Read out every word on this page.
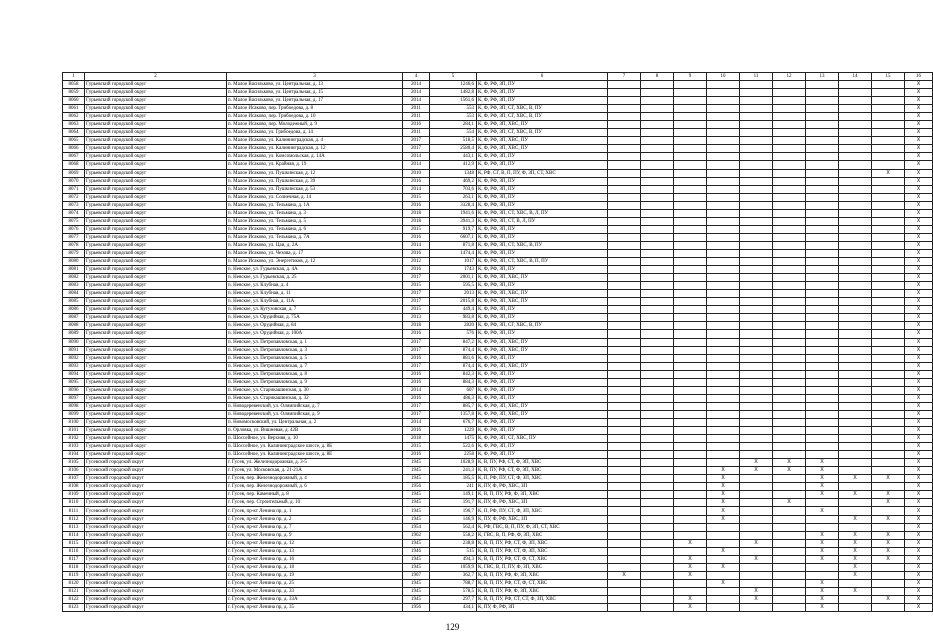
1	2	3	4	5	6	7	8	9	10	11	12	13	14	15	16
8058	Гурьевский городской округ	п. Малое Васильково, ул. Центральная, д. 13	2014	1246,6	К, Ф, РФ, ЗП, ПУ										X
8059	Гурьевский городской округ	п. Малое Васильково, ул. Центральная, д. 15	2014	1482,8	К, Ф, РФ, ЗП, ПУ										X
8060	Гурьевский городской округ	п. Малое Васильково, ул. Центральная, д. 17	2014	1561,6	К, Ф, РФ, ЗП, ПУ										X
8061	Гурьевский городской округ	п. Малое Исаково, пер. Грибоедова, д. 8	2011	553	К, Ф, РФ, ЗП, СГ, ХВС, В, ПУ										X
8062	Гурьевский городской округ	п. Малое Исаково, пер. Грибоедова, д. 10	2011	553	К, Ф, РФ, ЗП, СГ, ХВС, В, ПУ										X
8063	Гурьевский городской округ	п. Малое Исаково, пер. Молодежный, д. 9	2016	284,1	К, Ф, РФ, ЗП, ХВС, ПУ										X
8064	Гурьевский городской округ	п. Малое Исаково, ул. Грибоедова, д. 14	2011	554	К, Ф, РФ, ЗП, СГ, ХВС, В, ПУ										X
8065	Гурьевский городской округ	п. Малое Исаково, ул. Калининградская, д. 4	2017	518,5	К, Ф, РФ, ЗП, ХВС, ПУ										X
8066	Гурьевский городской округ	п. Малое Исаково, ул. Калининградская, д. 12	2017	2580,4	К, Ф, РФ, ЗП, ХВС, ПУ										X
8067	Гурьевский городской округ	п. Малое Исаково, ул. Комсомольская, д. 14А	2014	443,1	К, Ф, РФ, ЗП, ПУ										X
8068	Гурьевский городской округ	п. Малое Исаково, ул. Крайняя, д. 19	2014	412,9	К, Ф, РФ, ЗП, ПУ										X
8069	Гурьевский городской округ	п. Малое Исаково, ул. Пушкинская, д. 12	2010	1348	К, РФ, СГ, В, П, ПУ, Ф, ЗП, СТ, ХВС									X	X
8070	Гурьевский городской округ	п. Малое Исаково, ул. Пушкинская, д. 39	2016	469,2	К, Ф, РФ, ЗП, ПУ										X
8071	Гурьевский городской округ	п. Малое Исаково, ул. Пушкинская, д. 53	2014	703,6	К, Ф, РФ, ЗП, ПУ										X
8072	Гурьевский городской округ	п. Малое Исаково, ул. Солнечная, д. 14	2015	263,1	К, Ф, РФ, ЗП, ПУ										X
8073	Гурьевский городской округ	п. Малое Исаково, ул. Тельмана, д. 1А	2016	3328,4	К, Ф, РФ, ЗП, ПУ										X
8074	Гурьевский городской округ	п. Малое Исаково, ул. Тельмана, д. 3	2018	1941,6	К, Ф, РФ, ЗП, СТ, ХВС, В, Л, ПУ										X
8075	Гурьевский городской округ	п. Малое Исаково, ул. Тельмана, д. 5	2018	3941,3	К, Ф, РФ, ЗП, СТ, В, Л, ПУ										X
8076	Гурьевский городской округ	п. Малое Исаково, ул. Тельмана, д. 6	2015	919,7	К, Ф, РФ, ЗП, ПУ										X
8077	Гурьевский городской округ	п. Малое Исаково, ул. Тельмана, д. 7А	2016	6607,1	К, Ф, РФ, ЗП, ПУ										X
8078	Гурьевский городской округ	п. Малое Исаково, ул. Цаи, д. 2А	2014	871,8	К, Ф, РФ, ЗП, СТ, ХВС, В, ПУ										X
8079	Гурьевский городской округ	п. Малое Исаково, ул. Чехова, д. 17	2016	1474,4	К, Ф, РФ, ЗП, ПУ										X
8080	Гурьевский городской округ	п. Малое Исаково, ул. Энергетиков, д. 12	2012	1017	К, Ф, РФ, ЗП, СТ, ХВС, В, П, ПУ										X
8081	Гурьевский городской округ	п. Невское, ул. Гурьевская, д. 4А	2016	1743	К, Ф, РФ, ЗП, ПУ										X
8082	Гурьевский городской округ	п. Невское, ул. Гурьевская, д. 25	2017	2001,1	К, Ф, РФ, ЗП, ХВС, ПУ										X
8083	Гурьевский городской округ	п. Невское, ул. Клубная, д. 4	2015	595,5	К, Ф, РФ, ЗП, ПУ										X
8084	Гурьевский городской округ	п. Невское, ул. Клубная, д. 11	2017	2013	К, Ф, РФ, ЗП, ХВС, ПУ										X
8085	Гурьевский городской округ	п. Невское, ул. Клубная, д. 11А	2017	2015,8	К, Ф, РФ, ЗП, ХВС, ПУ										X
8086	Гурьевский городской округ	п. Невское, ул. Кутузовская, д. 7	2015	449,4	К, Ф, РФ, ЗП, ПУ										X
8087	Гурьевский городской округ	п. Невское, ул. Орудийная, д. 75А	2013	983,8	К, Ф, РФ, ЗП, ПУ										X
8088	Гурьевский городской округ	п. Невское, ул. Орудийная, д. 84	2018	2820	К, Ф, РФ, ЗП, СГ, ХВС, В, ПУ										X
8089	Гурьевский городской округ	п. Невское, ул. Орудийная, д. 100А	2016	576	К, Ф, РФ, ЗП, ПУ										X
8090	Гурьевский городской округ	п. Невское, ул. Петропавловская, д. 1	2017	847,2	К, Ф, РФ, ЗП, ХВС, ПУ										X
8091	Гурьевский городской округ	п. Невское, ул. Петропавловская, д. 3	2017	874,4	К, Ф, РФ, ЗП, ХВС, ПУ										X
8092	Гурьевский городской округ	п. Невское, ул. Петропавловская, д. 5	2016	881,6	К, Ф, РФ, ЗП, ПУ										X
8093	Гурьевский городской округ	п. Невское, ул. Петропавловская, д. 7	2017	874,4	К, Ф, РФ, ЗП, ХВС, ПУ										X
8094	Гурьевский городской округ	п. Невское, ул. Петропавловская, д. 8	2016	842,3	К, Ф, РФ, ЗП, ПУ										X
8095	Гурьевский городской округ	п. Невское, ул. Петропавловская, д. 9	2016	884,3	К, Ф, РФ, ЗП, ПУ										X
8096	Гурьевский городской округ	п. Невское, ул. Старикашинская, д. 30	2014	607	К, Ф, РФ, ЗП, ПУ										X
8097	Гурьевский городской округ	п. Невское, ул. Старикашинская, д. 32	2016	486,3	К, Ф, РФ, ЗП, ПУ										X
8098	Гурьевский городской округ	п. Новодеревенский, ул. Олимпийская, д. 7	2017	885,7	К, Ф, РФ, ЗП, ХВС, ПУ										X
8099	Гурьевский городской округ	п. Новодеревенский, ул. Олимпийская, д. 9	2017	1357,8	К, Ф, РФ, ЗП, ХВС, ПУ										X
8100	Гурьевский городской округ	п. Новомосковский, ул. Центральная, д. 2	2014	676,7	К, Ф, РФ, ЗП, ПУ										X
8101	Гурьевский городской округ	п. Орловка, ул. Вишневая, д. 42В	2016	1229	К, Ф, РФ, ЗП, ПУ										X
8102	Гурьевский городской округ	п. Шоссейное, ул. Верхняя, д. 10	2018	1475	К, Ф, РФ, ЗП, СГ, ХВС, ПУ										X
8103	Гурьевский городской округ	п. Шоссейное, ул. Калининградское шоссе, д. 8Б	2015	522,6	К, Ф, РФ, ЗП, ПУ										X
8104	Гурьевский городской округ	п. Шоссейное, ул. Калининградское шоссе, д. 8Е	2016	2258	К, Ф, РФ, ЗП, ПУ										X
8105	Гусевский городской округ	г. Гусев, ул. Железнодорожная, д. 3-5	1945	1028,9	К, В, ПУ, РФ, СТ, Ф, ЗП, ХВС					X	X	X			X
8106	Гусевский городской округ	г. Гусев, ул. Московская, д. 21-21А	1945	241,3	К, В, ПУ, РФ, СТ, Ф, ЗП, ХВС				X	X	X	X			X
8107	Гусевский городской округ	г. Гусев, пер. Железнодорожный, д. 4	1945	185,5	К, П, РФ, ПУ, СТ, Ф, ЗП, ХВС				X			X	X	X	X
8108	Гусевский городской округ	г. Гусев, пер. Железнодорожный, д. 6	1956	241	К, ПУ, Ф, РФ, ХВС, ЗП				X			X			X
8109	Гусевский городской округ	г. Гусев, пер. Каменный, д. 8	1945	149,1	К, В, П, ПУ, РФ, Ф, ЗП, ХВС				X			X	X	X	X
8110	Гусевский городской округ	г. Гусев, пер. Строительный, д. 10	1945	191,7	К, ПУ, Ф, РФ, ХВС, ЗП				X		X			X	X
8111	Гусевский городской округ	г. Гусев, пр-кт Ленина пр, д. 1	1945	196,7	К, П, РФ, ПУ, СТ, Ф, ЗП, ХВС				X			X			X
8112	Гусевский городской округ	г. Гусев, пр-кт Ленина пр, д. 2	1945	146,9	К, ПУ, Ф, РФ, ХВС, ЗП				X				X	X	X
8113	Гусевский городской округ	г. Гусев, пр-кт Ленина пр, д. 7	1954	562,4	К, РФ, ГВС, В, П, ПУ, Ф, ЗП, СТ, ХВС										X
8114	Гусевский городской округ	г. Гусев, пр-кт Ленина пр, д. 9	1962	558,2	К, ГВС, В, П, РФ, Ф, ЗП, ХВС							X	X	X	X
8115	Гусевский городской округ	г. Гусев, пр-кт Ленина пр, д. 12	1945	238,8	К, В, П, ПУ, РФ, СТ, Ф, ЗП, ХВС			X		X		X	X	X	X
8116	Гусевский городской округ	г. Гусев, пр-кт Ленина пр, д. 13	1946	515	К, В, П, ПУ, РФ, СТ, Ф, ЗП, ХВС				X			X	X	X	X
8117	Гусевский городской округ	г. Гусев, пр-кт Ленина пр, д. 16	1945	494,3	К, В, П, ПУ, РФ, СТ, Ф, СТ, ХВС			X		X		X	X	X	X
8118	Гусевский городской округ	г. Гусев, пр-кт Ленина пр, д. 18	1945	1059,9	К, ГВС, В, П, ПУ, Ф, ЗП, ХВС			X	X				X		X
8119	Гусевский городской округ	г. Гусев, пр-кт Ленина пр, д. 19	1907	362,7	К, В, П, ПУ, РФ, Ф, ЗП, ХВС	X		X					X		X
8120	Гусевский городской округ	г. Гусев, пр-кт Ленина пр, д. 25	1945	788,7	К, В, П, ПУ, РФ, СТ, Ф, СТ, ХВС				X			X			X
8121	Гусевский городской округ	г. Гусев, пр-кт Ленина пр, д. 33	1945	578,5	К, В, П, ПУ, РФ, Ф, ЗП, ХВС					X		X	X		X
8122	Гусевский городской округ	г. Гусев, пр-кт Ленина пр, д. 33А	1945	297,7	К, В, П, ПУ, РФ, СТ, СТ, Ф, ЗП, ХВС			X		X		X		X	X
8123	Гусевский городской округ	г. Гусев, пр-кт Ленина пр, д. 35	1956	434,1	К, ПУ, Ф, РФ, ЗП			X				X			X
129
